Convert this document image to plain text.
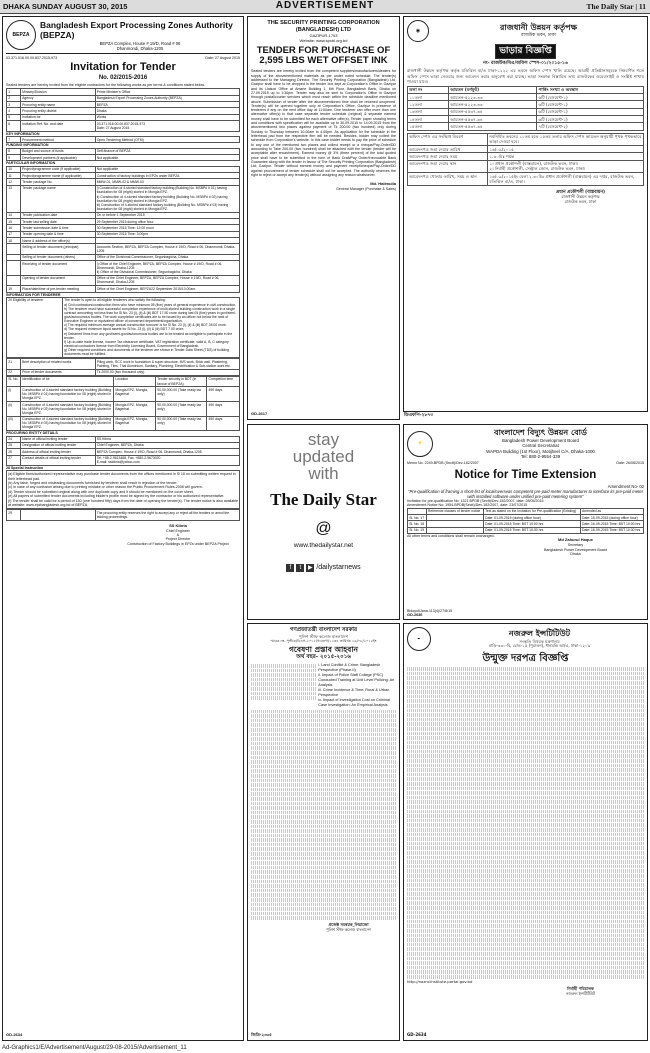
DHAKA SUNDAY AUGUST 30, 2015	ADVERTISEMENT	The Daily Star | 11
BEPZA
Bangladesh Export Processing Zones Authority (BEPZA)
BEPZA Complex, House # 19/D, Road # 06
Dhanmondi, Dhaka-1205
03.371.016.00.00.837.2015-973	Date: 27 August 2015
Invitation for Tender
No. 02/2015-2016
Sealed tenders are hereby invited from the eligible contractors for the following works as per terms & conditions stated below.
1	Ministry/Division	Prime Minister's Office
2	Agency	Bangladesh Export Processing Zones Authority (BEPZA)
3	Procuring entity name	BEPZA
4	Procuring entity district	Dhaka
5	Invitation for	Works
6	Invitation Ref. No. and date	03.371.016.00.00.837.2015-973
Date: 27 August 2015
KEY INFORMATION
7	Procurement method	Open Tendering Method (OTM)
FUNDING INFORMATION
8	Budget and source of funds	Self-finance of BEPZA
9	Development partners (if applicable)	Not applicable
PARTICULAR INFORMATION
10	Project/programme code (if applicable)	Not applicable
11	Project/programme name (if applicable)	Construction of factory buildings in EPZs under BEPZA
12	Tender package No.	MMW-01, MMW-02 & MMW-03
13	Tender package name	i) Construction of 4-storied standard factory building (Building No. MSBP# # 01) having foundation for 08 (eight) storied in Mongla EPZ.
ii) Construction of 4-storied standard factory building (Building No. MSBP# # 02) having foundation for 08 (eight) storied in Mongla EPZ.
iii) Construction of 4-storied standard factory building (Building No. MSBP# # 03) having foundation for 08 (eight) storied in Mongla EPZ.
14	Tender publication date	On or before 1 September 2015
15	Tender last selling date	29 September 2015 during office hour
16	Tender submission date & time	30 September 2015 Time: 12:00 noon
17	Tender opening date & time	30 September 2015 Time: 3:00pm
18	Name & address of the office(s)	
	Selling of tender document (principal)	Accounts Section, BEPZA, BEPZA Complex, House # 19/D, Road # 06, Dhanmondi, Dhaka-1205
	Selling of tender document (others)	Office of the Divisional Commissioner, Segunbagicha, Dhaka
	Receiving of tender document	i) Office of the Chief Engineer, BEPZA, BEPZA Complex, House # 19/D, Road # 06, Dhanmondi, Dhaka-1205
ii) Office of the Divisional Commissioner, Segunbagicha, Dhaka
	Opening of tender document	Office of the Chief Engineer, BEPZA, BEPZA Complex, House # 19/D, Road # 06, Dhanmondi, Dhaka-1205
19	Place/date/time of pre-tender meeting	Office of the Chief Engineer, BEPZA22 September 2015/10.00am.
INFORMATION FOR TENDERER
20 Eligibility of tenderer	The tender is open to all eligible tenderers who satisfy the following:
a) Civil contractors/construction firms who have minimum 05 (five) years of general experience in civil construction.
b) The tenderer must have successful completion experience of multi-storied building construction work in a single contract amounting not less than for Sl No. 23 (i), (ii) & (iii) BDT 17.50 crore during last 05 (five) years in govt/semi-govt/autonomous bodies. The work completion certificates are to be issued by an officer not below the rank of Executive Engineer or equivalent officer of concerned department/organization.
c) The required minimum average annual construction turnover is for Sl No. 23 (i), (ii) & (iii) BDT 28.00 crore.
d) The required minimum liquid assets for Sl No. 23 (i), (ii) & (iii) BDT 7.00 crore.
e) Debarred firms from any govt/semi-govt/autonomous bodies are to be treated as ineligible to participate in the tender.
f) Up-to-date trade license, income Tax clearance certificate, VAT registration certificate, valid A, B, C category electrical contractors license from Electricity Licensing Board, Government of Bangladesh.
g) Other required conditions and documents of the tenderer are shown in Tender Data Sheet (TDS) of building documents must be fulfilled.
21	Brief description of related works	Piling work, RCC work in foundation & super-structure, M/S work, Brick wall, Plastering, Painting, Tiles, Thai Aluminium, Sanitary, Plumbing, Electrification & Sub-station work etc.
22	Price of tender documents	Tk 2000.00 (two thousand only).
Sl. No.	Identification of lot	Location	Tender security in BDT (in favour of BEPZA)	Completion time
(i)	Construction of 4-storied standard factory building (Building No. MSBP# # 01) having foundation for 08 (eight) storied in Mongla EPZ.	Mongla EPZ, Mongla, Bagerhat	90,00,000.00 (Take ready tax only)	490 days
(ii)	Construction of 4-storied standard factory building (Building No. MSBP# # 02) having foundation for 08 (eight) storied in Mongla EPZ.	Mongla EPZ, Mongla, Bagerhat	90,00,000.00 (Take ready tax only)	490 days
(iii)	Construction of 4-storied standard factory building (Building No. MSBP# # 03) having foundation for 08 (eight) storied in Mongla EPZ.	Mongla EPZ, Mongla, Bagerhat	90,00,000.00 (Take ready tax only)	490 days
PROCURING ENTITY DETAILS
24	Name of official inviting tender	SS Kibria
25	Designation of official inviting tender	Chief Engineer, BEPZA, Dhaka
26	Address of official inviting tender	BEPZA Complex, House # 19/D, Road # 06, Dhanmondi, Dhaka-1205
27	Contact details of official inviting tender	Tel: +88-2-9613468, Fax: +880-2-9673020
E-mail: sskibria@yahoo.com
28 Special Instruction
(a) Eligible firms/authorized representative may purchase tender documents from the offices mentioned in Sl 18 on submitting written request in their letterhead pad.
(b) Any false, forged and misleading documents furnished by tenderer shall result in rejection of the tender.
(c) In case of any confusion arising due to printing mistake or other reason the Public Procurement Rules-2008 will govern.
(d) Tender should be submitted original along with one duplicate copy and it should be mentioned on the cover sheet.
(e) All papers of submitted tender documents including bidder's profile must be signed by the contractor or his authorized representative.
(f) The tender shall be valid for a period of 150 (one hundred fifty) days from the date of opening the tender(s). The tender notice is also available at website: www.epzbangladesh.org.bd of BEPZA.
29		The procuring entity reserves the right to accept any or reject all the tenders or annul the bidding proceedings.
SS Kibria
Chief Engineer
&
Project Director
Construction of Factory Buildings in EPZs under BEPZA Project
GD-2634
THE SECURITY PRINTING CORPORATION
(BANGLADESH) LTD
GAZIPUR-1703
Website: www.spcbl.org.bd
TENDER FOR PURCHASE OF 2,595 LBS WET OFFSET INK
Sealed tenders are hereby invited from the competent suppliers/manufacturers/dealers for supply of the abovementioned materials as per under noted schedule. The tender(s) addressed to the Managing Director, The Security Printing Corporation (Bangladesh) Ltd, Gazipur shall have to be dropped in the tender box kept at Corporation's Office in Gazipur and its Liaison Office at Amane Building 1, 6th Floor, Bangladesh Bank, Dhaka on 27.09.2015 up to 1:30pm. Tender may also be sent to Corporation's Office in Gazipur through postal/courier services which must reach within the schedule deadline mentioned above. Submission of tender after the abovementioned time shall be returned unopened. Tender(s) will be opened together only at Corporation's Office, Gazipur in presence of tenderers if any on the next office day at 11:00am. One tenderer can offer more than one alternative offer(s) in that case separate tender schedule (original) & separate earnest money shall have to be submitted for each alternative offer(s). Tender paper showing terms and conditions with specification will be available up to 30.09.2015 to 14.09.2015 from the abovementioned two places against payment of Tk 200.00 (two hundred) only during Sunday to Thursday between 10.00am to 4.00pm. As application for the schedule in the letterhead pad from the respective firm will be needed. Besides, bidder may collect the schedule from Corporation's website. In this case bidder needs to pay the price of schedule to any one of the mentioned two places and collect receipt or a cheque/Pay-Order/DD amounting to Take 200.00 (two hundred) shall be attached with the tender (tender will be acceptable after encashment). Earnest money @ 3% (three percent) of the total quoted price shall have to be submitted in the form of Bank Draft/Pay Order/Irrevocable Bank Guarantee along with the tender in favour of The Security Printing Corporation (Bangladesh) Ltd, Gazipur. Tender without earnest money and payment receipt/cheque/Pay-Order/DD against procurement of tender schedule shall not be accepted. The authority reserves the right to reject or accept any tender(s) without assigning any reason whatsoever.
Md. Halimuila
General Manager (Purchase & Sales)
GD-2617
◉	রাজধানী উন্নয়ন কর্তৃপক্ষ
রাজউক ভবন, ঢাকা
ভাড়ার বিজ্ঞপ্তি
নং- রাজউক/বিএ/অফিস স্পেস-০১/২০১৫-১৬
রাজধানী উন্নয়ন কর্তৃপক্ষ কর্তৃক মতিঝিল বা/এ ঢাকা-১২২২ এর ভবনে অফিস স্পেস খালি রয়েছে। আগ্রহী প্রতিষ্ঠানসমূহকে নিম্নবর্ণিত শর্তে অফিস স্পেস ভাড়া নেওয়ার জন্য আবেদন করার অনুরোধ করা যাচ্ছে। ভাড়া সংক্রান্ত বিস্তারিত তথ্য রাজউকের ওয়েবসাইট ও সংশ্লিষ্ট শাখায় পাওয়া যাবে।
তলা নং	আয়তন (বর্গফুট)	পার্কিং সংখ্যা ও অবস্থান
১১তলা	আয়তন-৫২২৩.৩৩	৬টি (বেসমেন্ট-১)
১২তলা	আয়তন-৫২২৩.৩৩	৬টি (বেসমেন্ট-১)
১৩তলা	আয়তন-৫৫৩৭.৩৪	৬টি (বেসমেন্ট-১)
১৪তলা	আয়তন-৫৫৩৭.৩৪	৬টি (বেসমেন্ট-১)
১৫তলা	আয়তন-৫৫৩৭.৩৪	৭টি (বেসমেন্ট-২)
অফিস স্পেস এর সংক্ষিপ্ত বিবরণ	নবনির্মিত ভবনের ১১তম হতে ১৫তম তলার অফিস স্পেস আয়তন অনুযায়ী পৃথক পৃথকভাবে ভাড়া দেওয়া হবে।
আবেদনপত্র জমা দেয়ার তারিখ	১৬/০৯/২০১৫
আবেদনপত্র জমা দেয়ার সময়	১.৩০মিঃ পর্যন্ত
আবেদনপত্র জমা দেয়ার স্থান	১। প্রধান প্রকৌশলী (বাস্তবায়ন), রাজউক ভবন, ঢাকা।
২। নির্বাহী প্রকৌশলী, সেন্ট্রাল জোন, রাজউক ভবন, ঢাকা।
আবেদনপত্র খোলার তারিখ, সময় ও স্থান	১৬/০৯/২০১৫ইং বেলা ২.৩০মিঃ প্রধান প্রকৌশলী (বাস্তবায়ন) এর দপ্তর, রাজউক ভবন, মতিঝিল বা/এ, ঢাকা।
প্রধান প্রকৌশলী (বাস্তবায়ন)
রাজধানী উন্নয়ন কর্তৃপক্ষ
রাজউক ভবন, ঢাকা
ডিএফপি-২৮৭৩
stay
updated
with
The Daily Star
@
www.thedailystar.net
f	t	▶ /dailystarnews
⚡
বাংলাদেশ বিদ্যুৎ উন্নয়ন বোর্ড
Bangladesh Power Development Board
Central Secretariat
WAPDA Building (1st Floor), Motijheel C/A, Dhaka-1000
Tel: 880-2-9554-339
Memo No. 2249-BPDB (Sectt)/Dev-182/2007	Date: 26/08/2015
Notice for Time Extension
Amendment No- 02
"Pre-qualification of framing a short-list of local/overseas competent pre-paid meter manufacturer to interface its pre-paid meter with installed software under unified pre-paid metering system"
Invitation for pre-qualification No: 1321 BPDB (Sectt)/Dev-182/2007, date: 28/05/2015
Amendment Notice No: 1954-BPDB(Sectt)/Dev-182/2007, date: 23/07/2015
	Reference clauses of tender notice	Text as stated on the Invitation for Pre-qualification (Existing)	Amended as
Sl. No. 17		Date: 01-09-2015 (during office hour)	Date: 15-09-2015 (during office hour)
Sl. No. 18		Date: 01-09-2015 Time: BST 10:00 hrs	Date: 16-09-2015 Time: BST 10:00 hrs
Sl. No. 19		Date: 01-09-2015 Time: BST 10:30 hrs	Date: 16-09-2015 Time: BST 10:30 hrs
All other terms and conditions shall remain unchanged.
Md Zahurul Haque
Secretary
Bangladesh Power Development Board
Dhaka
Bidoyut/Jana-113(4)/27/8/15
GD-2636
গণপ্রজাতন্ত্রী বাংলাদেশ সরকার
পুলিশ স্টাফ কলেজ বাংলাদেশ
স্মারক নং- পুস্টাক/বিএস-২০১৫/গবেষণা/১২৩৪ তারিখঃ ২৬/০৮/২০১৫ইং
গবেষণা প্রস্তাব আহবান
অর্থ বছর- ২০১৫-২০১৬
i. Land Conflict & Crime: Bangladesh Perspective (Phase-II)
ii. Impact of Police Staff College (PSC) Conducted Training at Unit Level Policing: An Analysis
iii. Crime Incidence & Time: Rural & Urban Perspective
iv. Impact of Investigation Cost on Criminal Case Investigation: An Empirical Analysis
প্রজেক্ট সমন্বয়ক_লিয়াজো
পুলিশ স্টাফ কলেজ বাংলাদেশ
জিডি-২৩৩৫
✒	নজরুল ইন্সটিটিউট
সংস্কৃতি বিষয়ক মন্ত্রণালয়
বাড়ি-৩৩০-বি, রোড-১৫ (পুরাতন), ধানমন্ডি আ/এ, ঢাকা-১২০৯
উন্মুক্ত দরপত্র বিজ্ঞপ্তি
http://nazrulinstitute.portal.gov.bd
নির্বাহী পরিচালক
নজরুল ইন্সটিটিউট
GD-2634
Ad-Graphics1/E/Advertisement/August/29-08-2015/Advertisement_11
